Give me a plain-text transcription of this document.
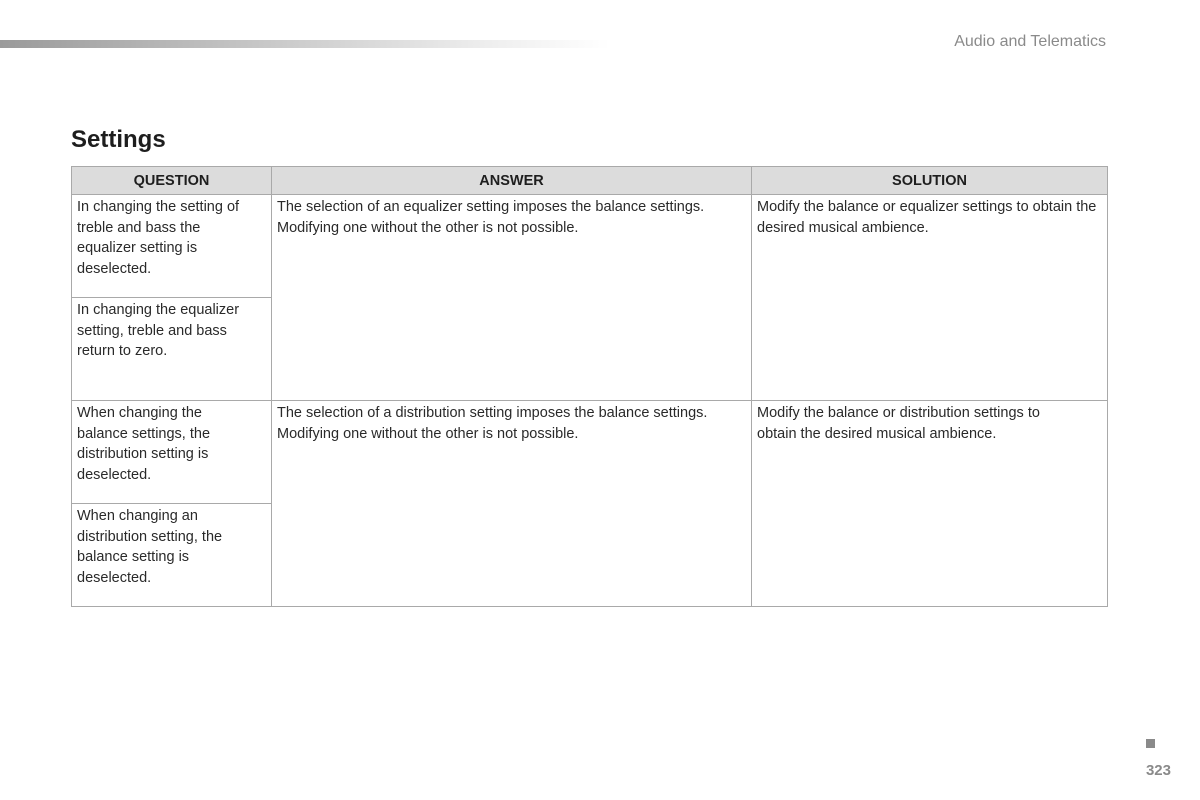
Audio and Telematics
Settings
QUESTION	ANSWER	SOLUTION
In changing the setting of treble and bass the equalizer setting is deselected.	The selection of an equalizer setting imposes the balance settings. Modifying one without the other is not possible.	Modify the balance or equalizer settings to obtain the desired musical ambience.
In changing the equalizer setting, treble and bass return to zero.		
When changing the balance settings, the distribution setting is deselected.	The selection of a distribution setting imposes the balance settings. Modifying one without the other is not possible.	Modify the balance or distribution settings to obtain the desired musical ambience.
When changing an distribution setting, the balance setting is deselected.		
323
